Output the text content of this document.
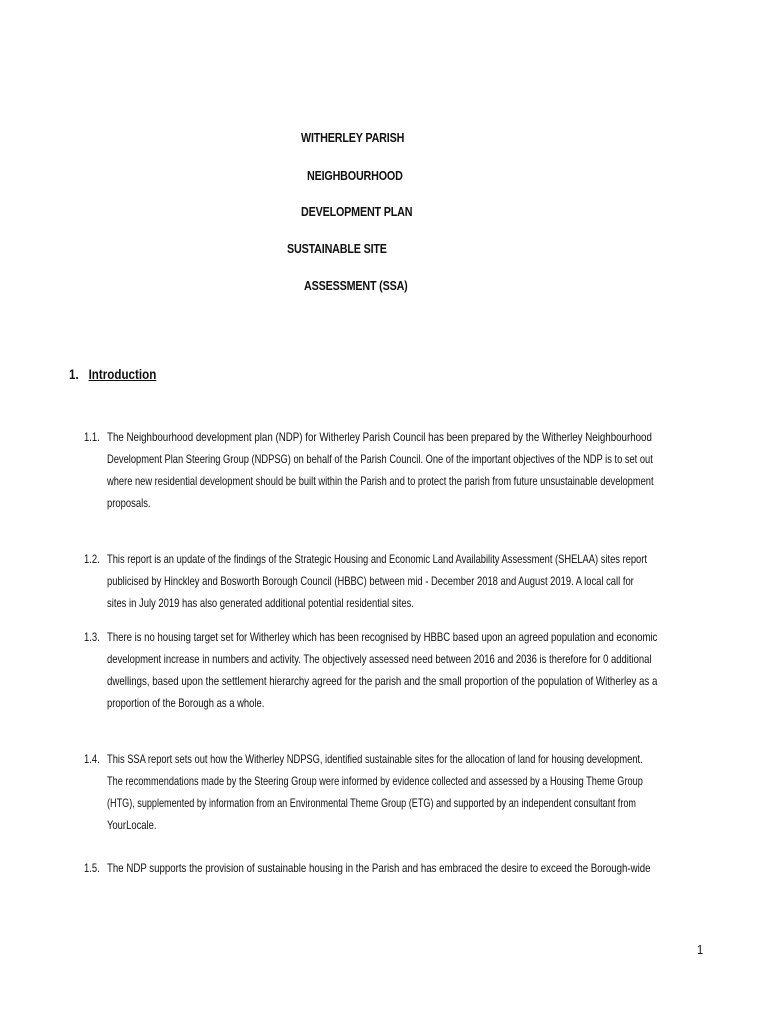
WITHERLEY PARISH
NEIGHBOURHOOD
DEVELOPMENT PLAN
SUSTAINABLE SITE
ASSESSMENT (SSA)
1. Introduction
1.1. The Neighbourhood development plan (NDP) for Witherley Parish Council has been prepared by the Witherley Neighbourhood
Development Plan Steering Group (NDPSG) on behalf of the Parish Council. One of the important objectives of the NDP is to set out
where new residential development should be built within the Parish and to protect the parish from future unsustainable development
proposals.
1.2. This report is an update of the findings of the Strategic Housing and Economic Land Availability Assessment (SHELAA) sites report
publicised by Hinckley and Bosworth Borough Council (HBBC) between mid - December 2018 and August 2019. A local call for
sites in July 2019 has also generated additional potential residential sites.
1.3. There is no housing target set for Witherley which has been recognised by HBBC based upon an agreed population and economic
development increase in numbers and activity. The objectively assessed need between 2016 and 2036 is therefore for 0 additional
dwellings, based upon the settlement hierarchy agreed for the parish and the small proportion of the population of Witherley as a
proportion of the Borough as a whole.
1.4. This SSA report sets out how the Witherley NDPSG, identified sustainable sites for the allocation of land for housing development.
The recommendations made by the Steering Group were informed by evidence collected and assessed by a Housing Theme Group
(HTG), supplemented by information from an Environmental Theme Group (ETG) and supported by an independent consultant from
YourLocale.
1.5. The NDP supports the provision of sustainable housing in the Parish and has embraced the desire to exceed the Borough-wide
1
